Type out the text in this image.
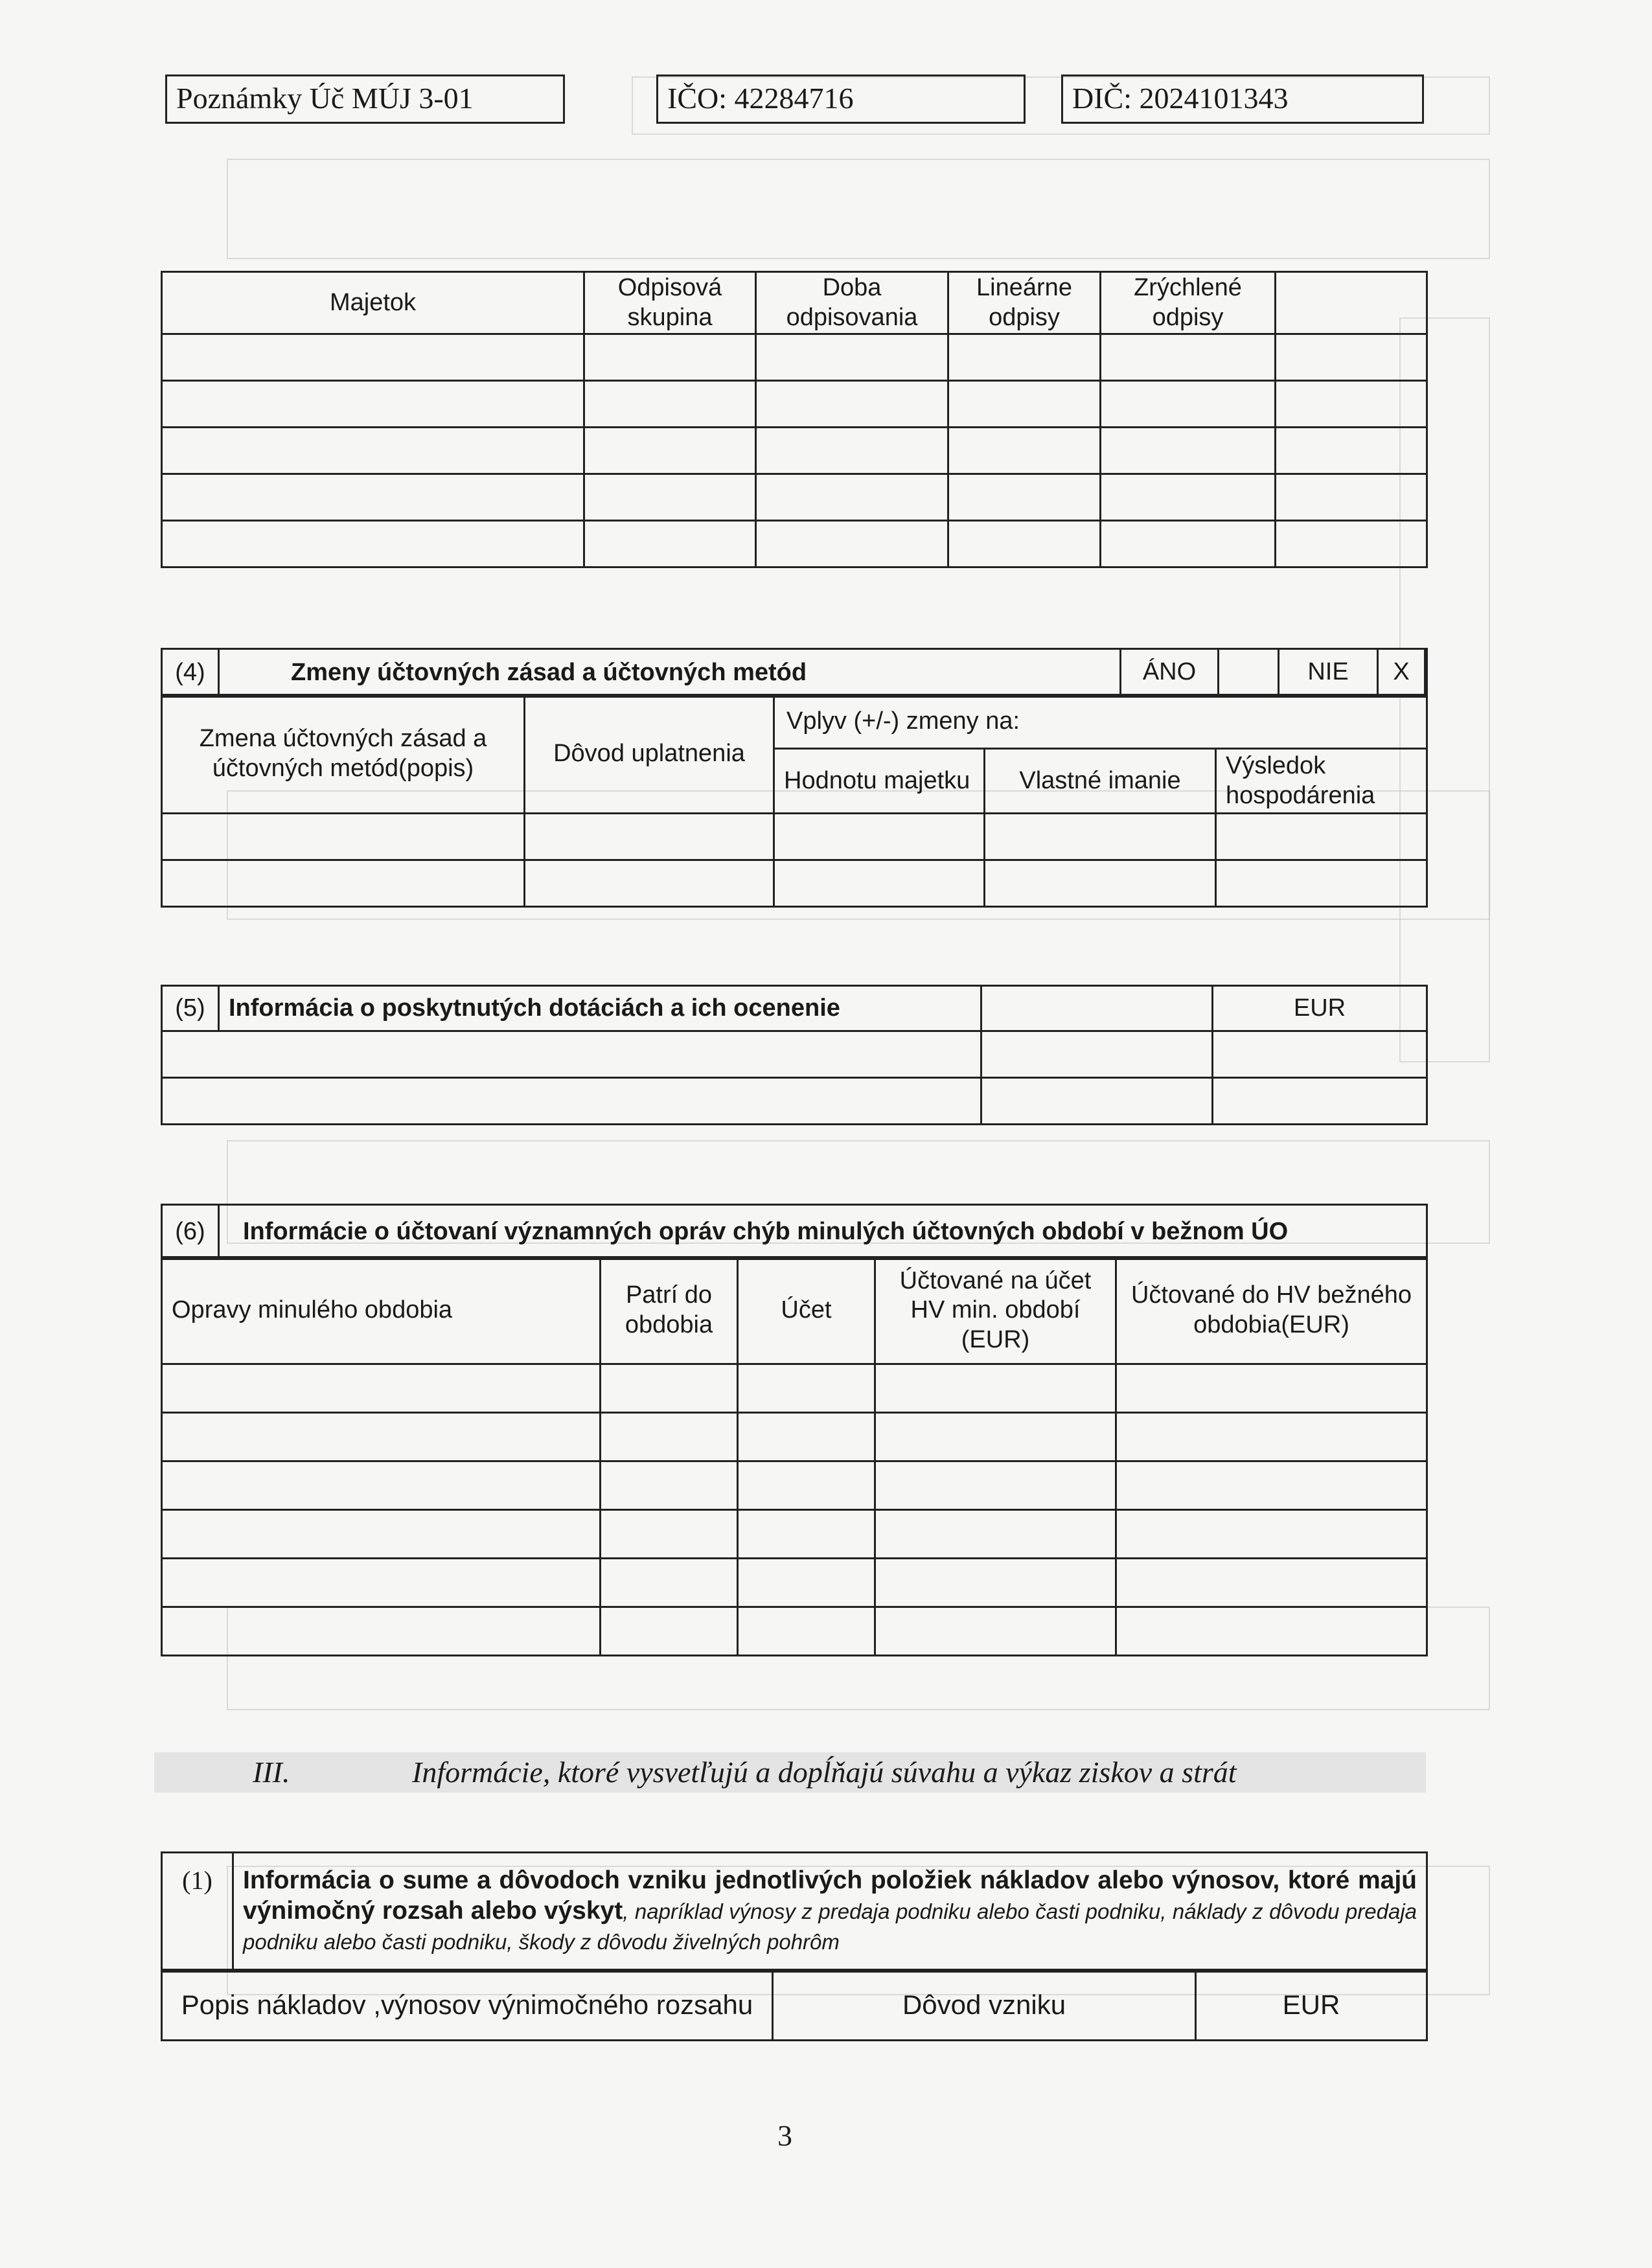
Poznámky Úč MÚJ 3-01	IČO: 42284716	DIČ: 2024101343
Majetok	Odpisová skupina	Doba odpisovania	Lineárne odpisy	Zrýchlené odpisy	

(4)	Zmeny účtovných zásad a účtovných metód		ÁNO	NIE	X
Zmena účtovných zásad a účtovných metód(popis)	Dôvod uplatnenia	Vplyv (+/-) zmeny na:		
		Hodnotu majetku	Vlastné imanie	Výsledok hospodárenia

(5)	Informácia o poskytnutých dotáciách a ich ocenenie		EUR

(6)	Informácie o účtovaní významných opráv chýb minulých účtovných období v bežnom ÚO
Opravy minulého obdobia	Patrí do obdobia	Účet	Účtované na účet HV min. období (EUR)	Účtované do HV bežného obdobia(EUR)

III.	Informácie, ktoré vysvetľujú a dopĺňajú súvahu a výkaz ziskov a strát
(1)	Informácia o sume a dôvodoch vzniku jednotlivých položiek nákladov alebo výnosov, ktoré majú výnimočný rozsah alebo výskyt, napríklad výnosy z predaja podniku alebo časti podniku, náklady z dôvodu predaja podniku alebo časti podniku, škody z dôvodu živelných pohrôm
Popis nákladov ,výnosov výnimočného rozsahu	Dôvod vzniku	EUR
3
